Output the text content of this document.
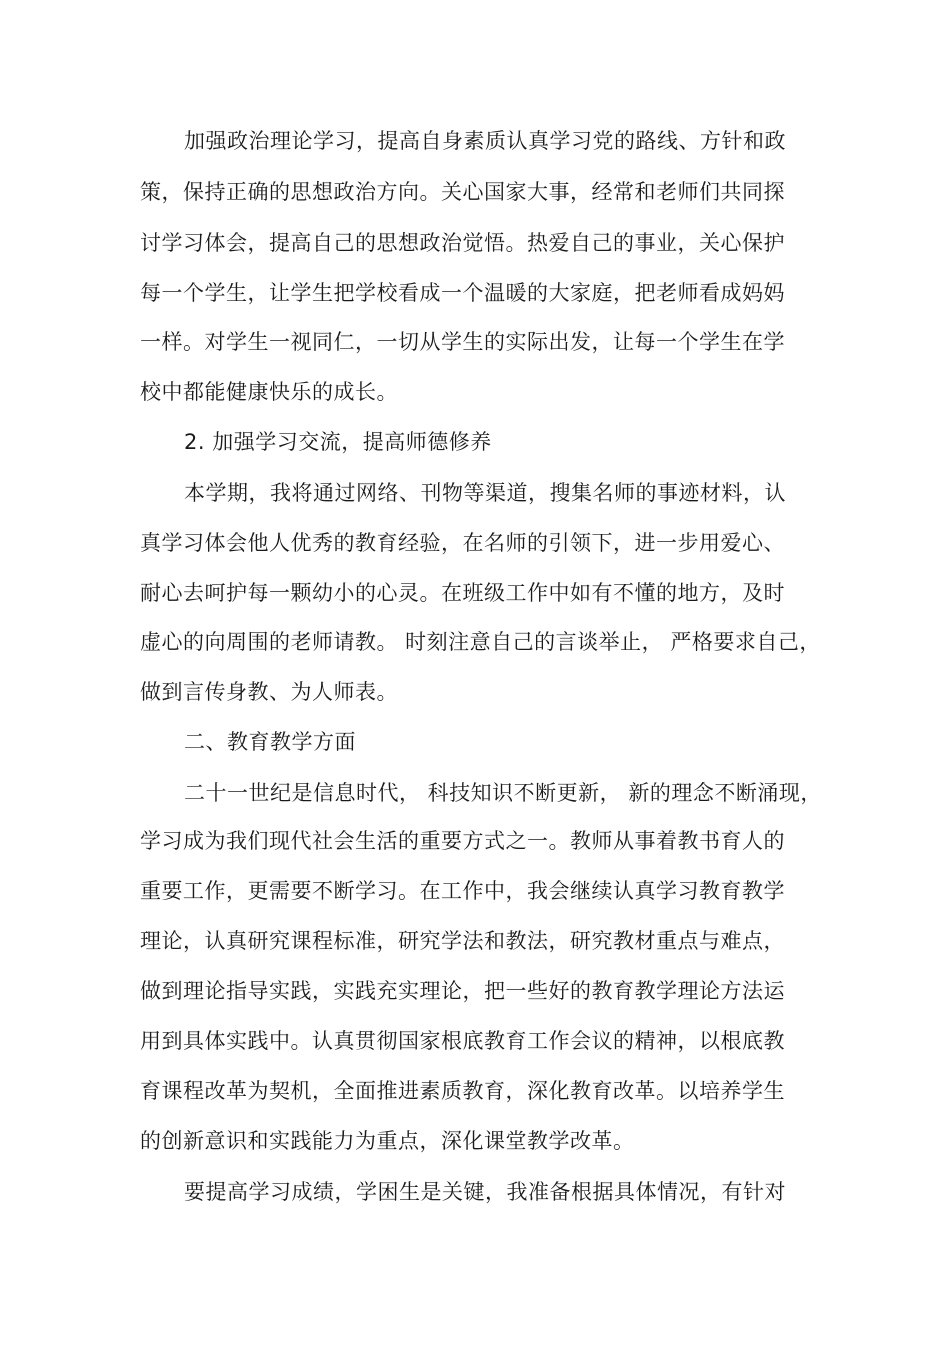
加强政治理论学习，提高自身素质认真学习党的路线、方针和政
策，保持正确的思想政治方向。关心国家大事，经常和老师们共同探
讨学习体会，提高自己的思想政治觉悟。热爱自己的事业，关心保护
每一个学生，让学生把学校看成一个温暖的大家庭，把老师看成妈妈
一样。对学生一视同仁，一切从学生的实际出发，让每一个学生在学
校中都能健康快乐的成长。
2. 加强学习交流，提高师德修养
本学期，我将通过网络、刊物等渠道，搜集名师的事迹材料，认
真学习体会他人优秀的教育经验，在名师的引领下，进一步用爱心、
耐心去呵护每一颗幼小的心灵。在班级工作中如有不懂的地方，及时
虚心的向周围的老师请教。 时刻注意自己的言谈举止， 严格要求自己，
做到言传身教、为人师表。
二、教育教学方面
二十一世纪是信息时代， 科技知识不断更新， 新的理念不断涌现，
学习成为我们现代社会生活的重要方式之一。教师从事着教书育人的
重要工作，更需要不断学习。在工作中，我会继续认真学习教育教学
理论，认真研究课程标准，研究学法和教法，研究教材重点与难点，
做到理论指导实践，实践充实理论，把一些好的教育教学理论方法运
用到具体实践中。认真贯彻国家根底教育工作会议的精神，以根底教
育课程改革为契机，全面推进素质教育，深化教育改革。以培养学生
的创新意识和实践能力为重点，深化课堂教学改革。
要提高学习成绩，学困生是关键，我准备根据具体情况，有针对
